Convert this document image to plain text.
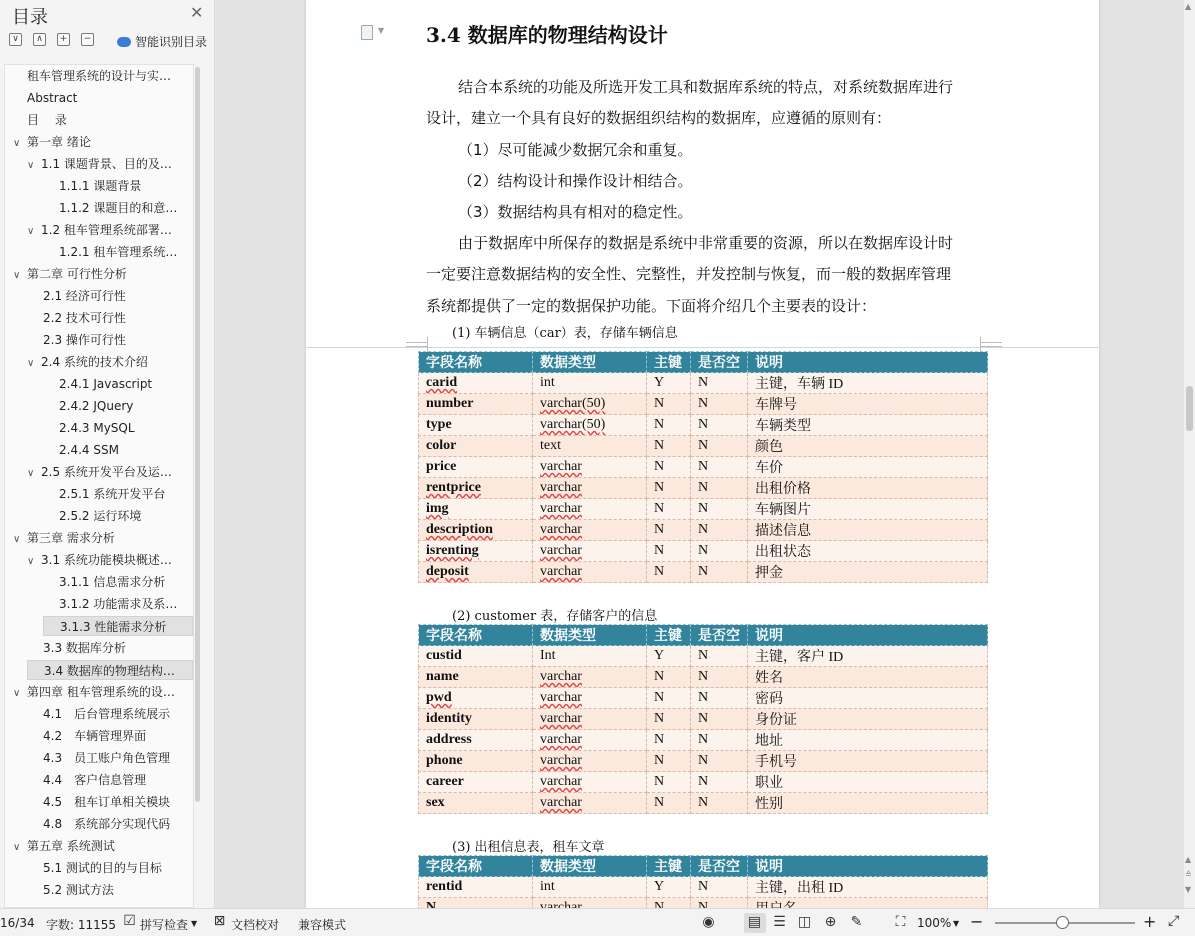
目录	✕
∨	∧	+	−	智能识别目录
租车管理系统的设计与实…
Abstract
目　 录
∨ 第一章 绪论
∨ 1.1 课题背景、目的及…
1.1.1 课题背景
1.1.2 课题目的和意…
∨ 1.2 租车管理系统部署…
1.2.1 租车管理系统…
∨ 第二章 可行性分析
2.1 经济可行性
2.2 技术可行性
2.3 操作可行性
∨ 2.4 系统的技术介绍
2.4.1 Javascript
2.4.2 JQuery
2.4.3 MySQL
2.4.4 SSM
∨ 2.5 系统开发平台及运…
2.5.1 系统开发平台
2.5.2 运行环境
∨ 第三章 需求分析
∨ 3.1 系统功能模块概述…
3.1.1 信息需求分析
3.1.2 功能需求及系…
3.1.3 性能需求分析
3.3 数据库分析
3.4 数据库的物理结构…
∨ 第四章 租车管理系统的设…
4.1　后台管理系统展示
4.2　车辆管理界面
4.3　员工账户角色管理
4.4　客户信息管理
4.5　租车订单相关模块
4.8　系统部分实现代码
∨ 第五章 系统测试
5.1 测试的目的与目标
5.2 测试方法
▼ 3.4 数据库的物理结构设计
结合本系统的功能及所选开发工具和数据库系统的特点，对系统数据库进行
设计，建立一个具有良好的数据组织结构的数据库，应遵循的原则有：
（1）尽可能减少数据冗余和重复。
（2）结构设计和操作设计相结合。
（3）数据结构具有相对的稳定性。
由于数据库中所保存的数据是系统中非常重要的资源，所以在数据库设计时
一定要注意数据结构的安全性、完整性，并发控制与恢复，而一般的数据库管理
系统都提供了一定的数据保护功能。下面将介绍几个主要表的设计：
(1) 车辆信息（car）表，存储车辆信息
字段名称	数据类型	主键	是否空	说明
carid	int	Y	N	主键，车辆 ID
number	varchar(50)	N	N	车牌号
type	varchar(50)	N	N	车辆类型
color	text	N	N	颜色
price	varchar	N	N	车价
rentprice	varchar	N	N	出租价格
img	varchar	N	N	车辆图片
description	varchar	N	N	描述信息
isrenting	varchar	N	N	出租状态
deposit	varchar	N	N	押金
(2) customer 表，存储客户的信息
字段名称	数据类型	主键	是否空	说明
custid	Int	Y	N	主键，客户 ID
name	varchar	N	N	姓名
pwd	varchar	N	N	密码
identity	varchar	N	N	身份证
address	varchar	N	N	地址
phone	varchar	N	N	手机号
career	varchar	N	N	职业
sex	varchar	N	N	性别
(3) 出租信息表，租车文章
字段名称	数据类型	主键	是否空	说明
rentid	int	Y	N	主键，出租 ID

▲
▲
≙
▼
16/34 字数: 11155 ☑ 拼写检查 ▼ ⊠ 文档校对 兼容模式	◉ ▤ ☰ ◫ ⊕ ✎ ⛶ 100% ▼ −	+ ⤢
